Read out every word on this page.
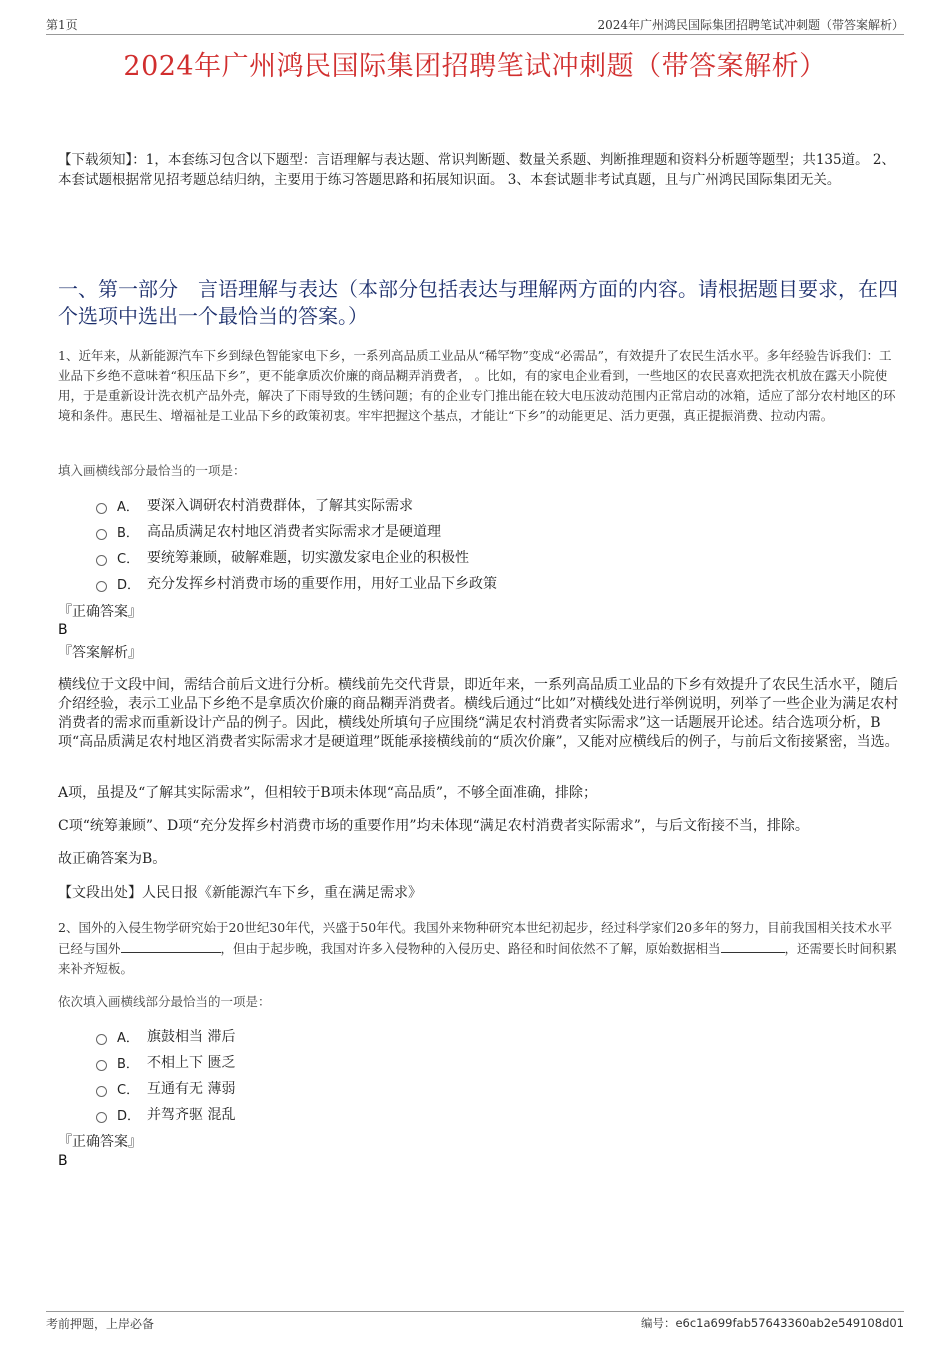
第1页	2024年广州鸿民国际集团招聘笔试冲刺题（带答案解析）
2024年广州鸿民国际集团招聘笔试冲刺题（带答案解析）
【下载须知】：1，本套练习包含以下题型：言语理解与表达题、常识判断题、数量关系题、判断推理题和资料分析题等题型；共135道。 2、本套试题根据常见招考题总结归纳，主要用于练习答题思路和拓展知识面。 3、本套试题非考试真题，且与广州鸿民国际集团无关。
一、第一部分　言语理解与表达（本部分包括表达与理解两方面的内容。请根据题目要求，在四个选项中选出一个最恰当的答案。）
1、近年来，从新能源汽车下乡到绿色智能家电下乡，一系列高品质工业品从“稀罕物”变成“必需品”，有效提升了农民生活水平。多年经验告诉我们：工业品下乡绝不意味着“积压品下乡”，更不能拿质次价廉的商品糊弄消费者， 。比如，有的家电企业看到，一些地区的农民喜欢把洗衣机放在露天小院使用，于是重新设计洗衣机产品外壳，解决了下雨导致的生锈问题；有的企业专门推出能在较大电压波动范围内正常启动的冰箱，适应了部分农村地区的环境和条件。惠民生、增福祉是工业品下乡的政策初衷。牢牢把握这个基点，才能让“下乡”的动能更足、活力更强，真正提振消费、拉动内需。
填入画横线部分最恰当的一项是：
A． 要深入调研农村消费群体，了解其实际需求
B． 高品质满足农村地区消费者实际需求才是硬道理
C． 要统筹兼顾，破解难题，切实激发家电企业的积极性
D． 充分发挥乡村消费市场的重要作用，用好工业品下乡政策
『正确答案』
B
『答案解析』

横线位于文段中间，需结合前后文进行分析。横线前先交代背景，即近年来，一系列高品质工业品的下乡有效提升了农民生活水平，随后介绍经验，表示工业品下乡绝不是拿质次价廉的商品糊弄消费者。横线后通过“比如”对横线处进行举例说明，列举了一些企业为满足农村消费者的需求而重新设计产品的例子。因此，横线处所填句子应围绕“满足农村消费者实际需求”这一话题展开论述。结合选项分析，B项“高品质满足农村地区消费者实际需求才是硬道理”既能承接横线前的“质次价廉”，又能对应横线后的例子，与前后文衔接紧密，当选。

A项，虽提及“了解其实际需求”，但相较于B项未体现“高品质”，不够全面准确，排除；

C项“统筹兼顾”、D项“充分发挥乡村消费市场的重要作用”均未体现“满足农村消费者实际需求”，与后文衔接不当，排除。

故正确答案为B。

【文段出处】人民日报《新能源汽车下乡，重在满足需求》
2、国外的入侵生物学研究始于20世纪30年代，兴盛于50年代。我国外来物种研究本世纪初起步，经过科学家们20多年的努力，目前我国相关技术水平已经与国外	，但由于起步晚，我国对许多入侵物种的入侵历史、路径和时间依然不了解，原始数据相当	，还需要长时间积累来补齐短板。
依次填入画横线部分最恰当的一项是：
A． 旗鼓相当 滞后
B． 不相上下 匮乏
C． 互通有无 薄弱
D． 并驾齐驱 混乱
『正确答案』
B
考前押题，上岸必备	编号：e6c1a699fab57643360ab2e549108d01
